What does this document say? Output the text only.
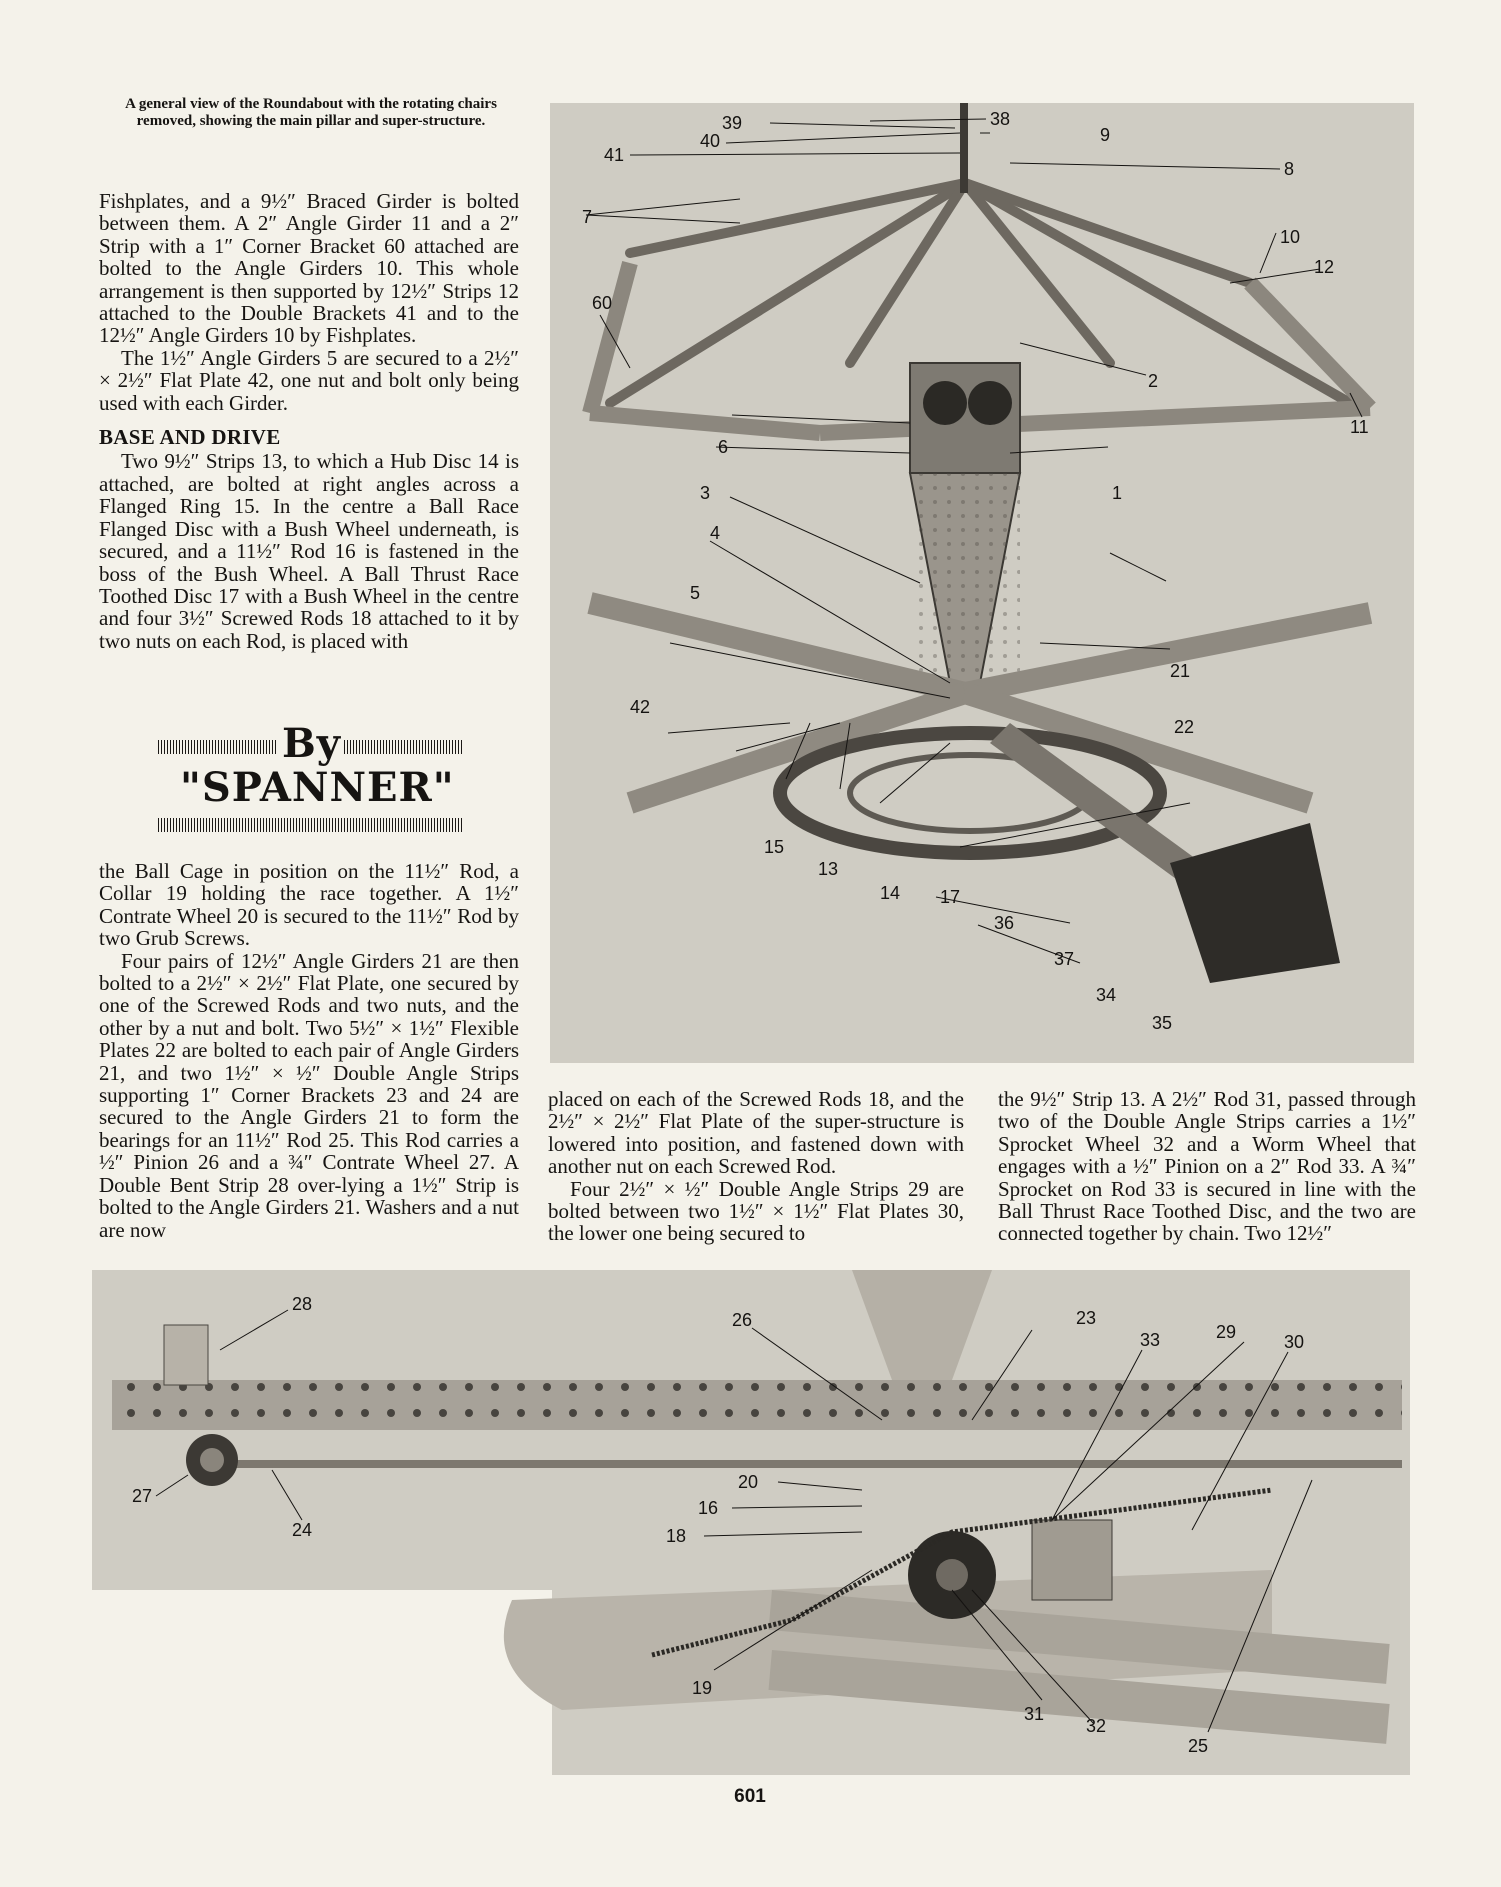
A general view of the Roundabout with the rotating chairs removed, showing the main pillar and super-structure.

Fishplates, and a 9½″ Braced Girder is bolted between them. A 2″ Angle Girder 11 and a 2″ Strip with a 1″ Corner Bracket 60 attached are bolted to the Angle Girders 10. This whole arrangement is then supported by 12½″ Strips 12 attached to the Double Brackets 41 and to the 12½″ Angle Girders 10 by Fishplates.

The 1½″ Angle Girders 5 are secured to a 2½″ × 2½″ Flat Plate 42, one nut and bolt only being used with each Girder.

BASE AND DRIVE

Two 9½″ Strips 13, to which a Hub Disc 14 is attached, are bolted at right angles across a Flanged Ring 15. In the centre a Ball Race Flanged Disc with a Bush Wheel underneath, is secured, and a 11½″ Rod 16 is fastened in the boss of the Bush Wheel. A Ball Thrust Race Toothed Disc 17 with a Bush Wheel in the centre and four 3½″ Screwed Rods 18 attached to it by two nuts on each Rod, is placed with

By
"SPANNER"

the Ball Cage in position on the 11½″ Rod, a Collar 19 holding the race together. A 1½″ Contrate Wheel 20 is secured to the 11½″ Rod by two Grub Screws.

Four pairs of 12½″ Angle Girders 21 are then bolted to a 2½″ × 2½″ Flat Plate, one secured by one of the Screwed Rods and two nuts, and the other by a nut and bolt. Two 5½″ × 1½″ Flexible Plates 22 are bolted to each pair of Angle Girders 21, and two 1½″ × ½″ Double Angle Strips supporting 1″ Corner Brackets 23 and 24 are secured to the Angle Girders 21 to form the bearings for an 11½″ Rod 25. This Rod carries a ½″ Pinion 26 and a ¾″ Contrate Wheel 27. A Double Bent Strip 28 over-lying a 1½″ Strip is bolted to the Angle Girders 21. Washers and a nut are now

placed on each of the Screwed Rods 18, and the 2½″ × 2½″ Flat Plate of the super-structure is lowered into position, and fastened down with another nut on each Screwed Rod.

Four 2½″ × ½″ Double Angle Strips 29 are bolted between two 1½″ × 1½″ Flat Plates 30, the lower one being secured to

the 9½″ Strip 13. A 2½″ Rod 31, passed through two of the Double Angle Strips carries a 1½″ Sprocket Wheel 32 and a Worm Wheel that engages with a ½″ Pinion on a 2″ Rod 33. A ¾″ Sprocket on Rod 33 is secured in line with the Ball Thrust Race Toothed Disc, and the two are connected together by chain. Two 12½″

39	38
40	9
41
8
7
10
12
60
2
6
11
3	1
4
5
21
42
22
15
13
14 17
36
37
34
35

28
26	23
33	29	30
20
27
16
24	18
19
31
32
25
601
